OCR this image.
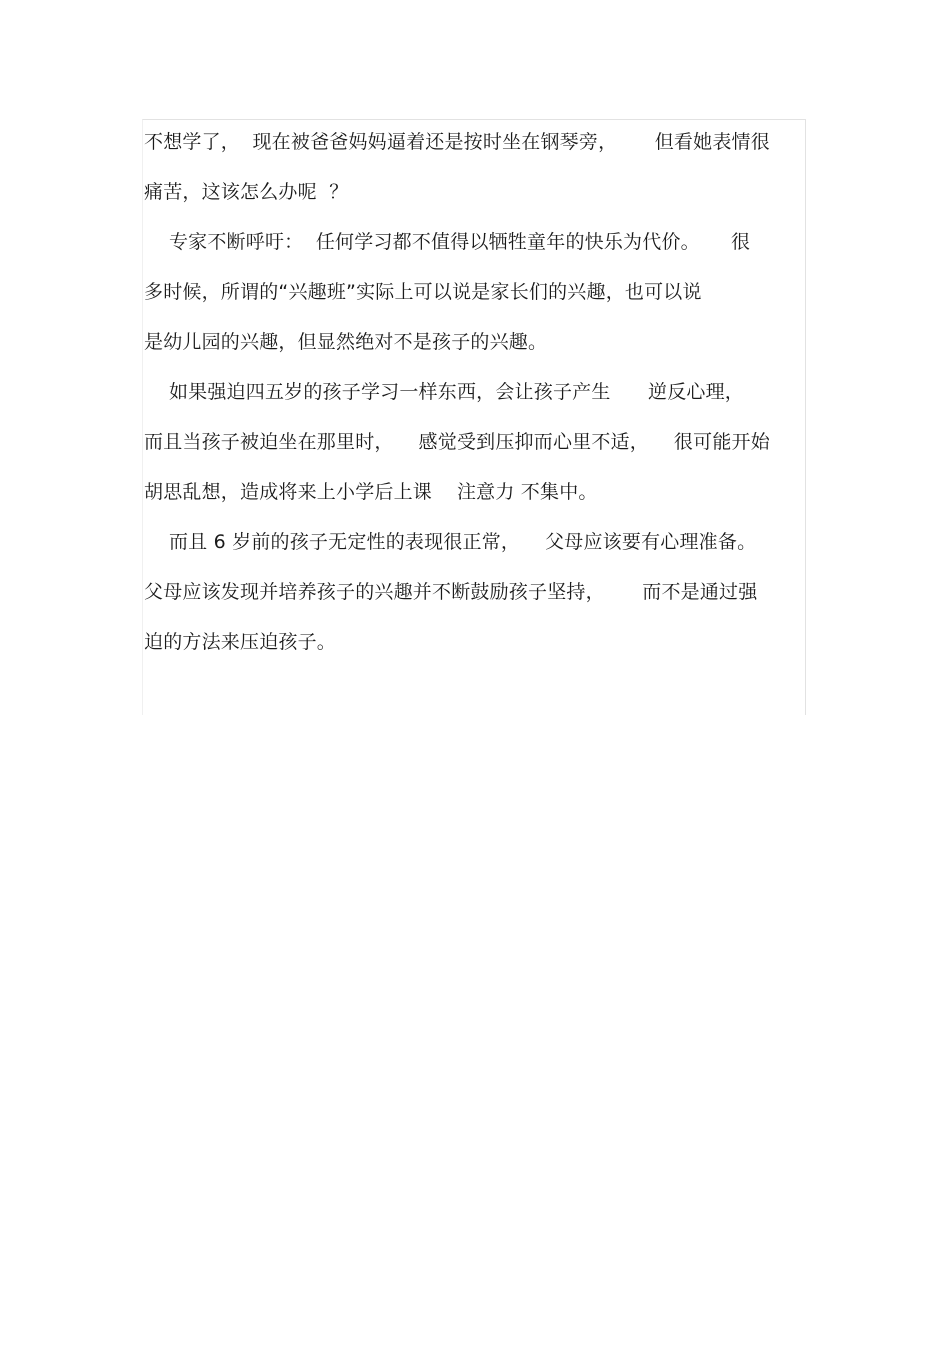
不想学了，  现在被爸爸妈妈逼着还是按时坐在钢琴旁，      但看她表情很
痛苦，这该怎么办呢  ？
专家不断呼吁：  任何学习都不值得以牺牲童年的快乐为代价。     很
多时候，所谓的“兴趣班”实际上可以说是家长们的兴趣，也可以说
是幼儿园的兴趣，但显然绝对不是孩子的兴趣。
如果强迫四五岁的孩子学习一样东西，会让孩子产生      逆反心理，
而且当孩子被迫坐在那里时，    感觉受到压抑而心里不适，    很可能开始
胡思乱想，造成将来上小学后上课    注意力 不集中。
而且 6 岁前的孩子无定性的表现很正常，    父母应该要有心理准备。
父母应该发现并培养孩子的兴趣并不断鼓励孩子坚持，      而不是通过强
迫的方法来压迫孩子。
